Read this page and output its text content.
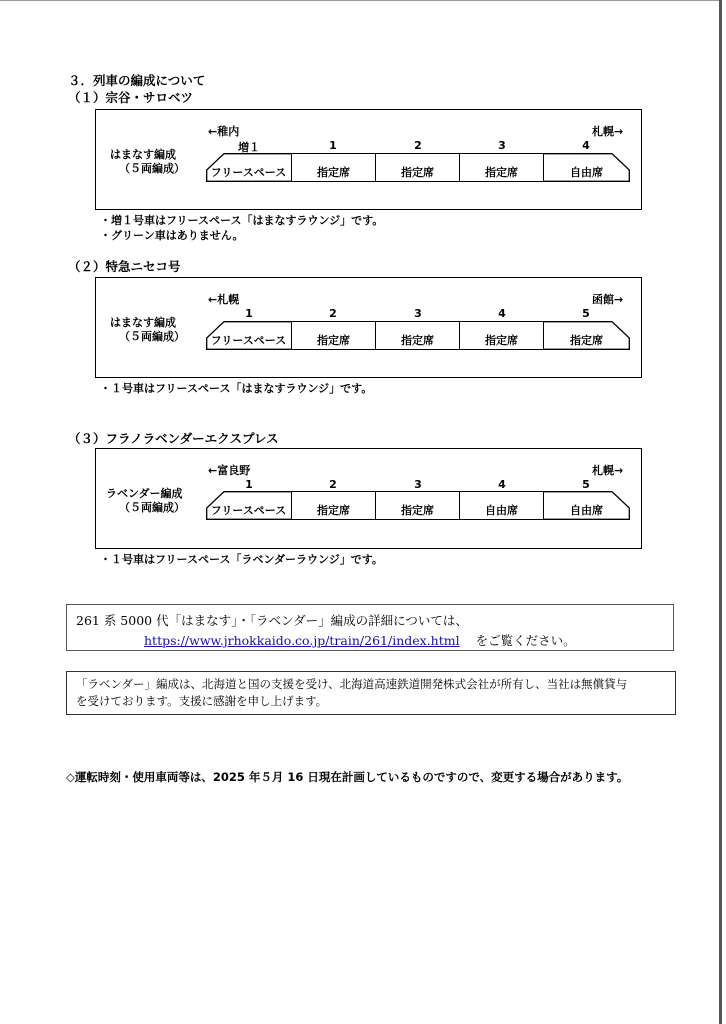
３．列車の編成について
（１）宗谷・サロベツ
はまなす編成
（５両編成）
←稚内	札幌→
増１	1	2	3	4
フリースペース	指定席	指定席	指定席	自由席
・増１号車はフリースペース「はまなすラウンジ」です。
・グリーン車はありません。
（２）特急ニセコ号
はまなす編成
（５両編成）
←札幌	函館→
1	2	3	4	5
フリースペース	指定席	指定席	指定席	指定席
・１号車はフリースペース「はまなすラウンジ」です。
（３）フラノラベンダーエクスプレス
ラベンダー編成
（５両編成）
←富良野	札幌→
1	2	3	4	5
フリースペース	指定席	指定席	自由席	自由席
・１号車はフリースペース「ラベンダーラウンジ」です。
261 系 5000 代「はまなす」・「ラベンダー」編成の詳細については、
https://www.jrhokkaido.co.jp/train/261/index.html をご覧ください。
「ラベンダー」編成は、北海道と国の支援を受け、北海道高速鉄道開発株式会社が所有し、当社は無償貸与
を受けております。支援に感謝を申し上げます。
◇運転時刻・使用車両等は、2025 年５月 16 日現在計画しているものですので、変更する場合があります。
